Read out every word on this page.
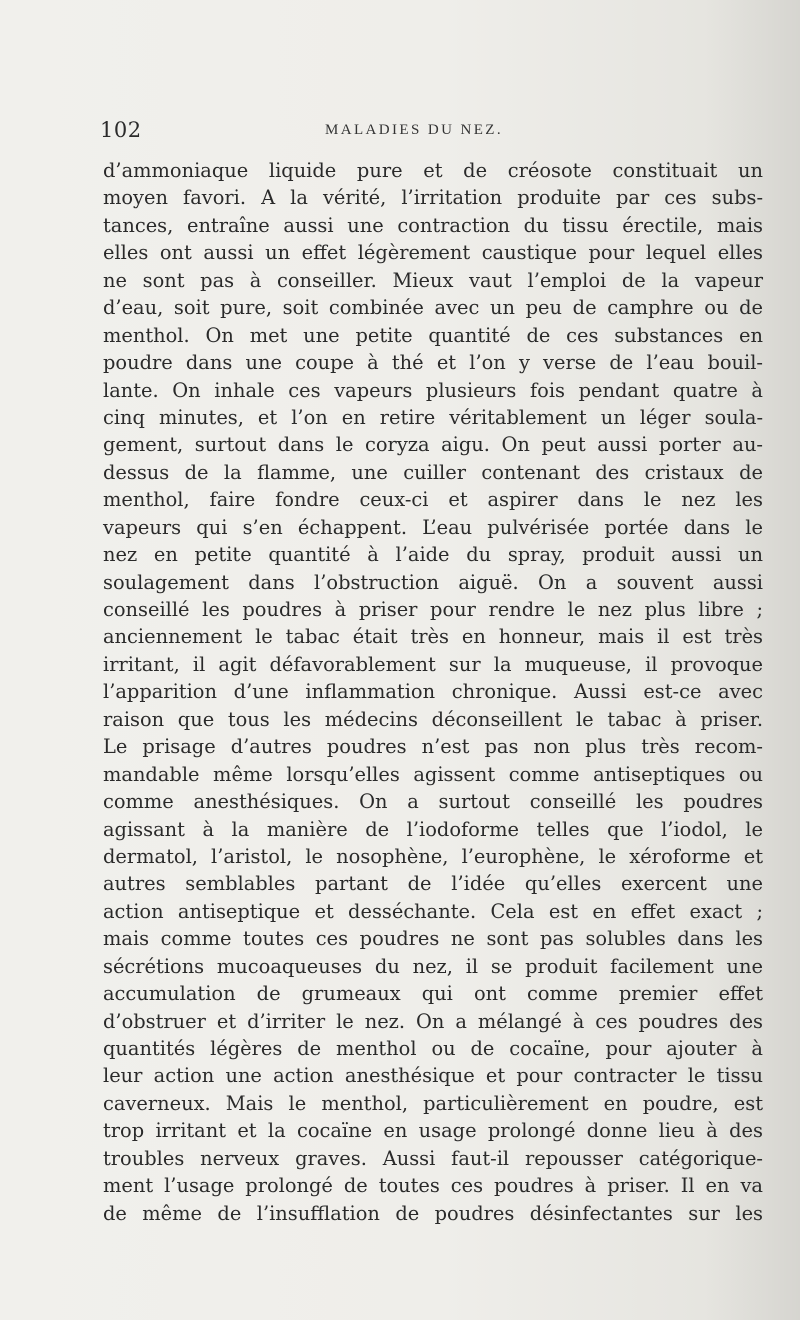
102	MALADIES DU NEZ.
d’ammoniaque liquide pure et de créosote constituait un
moyen favori. A la vérité, l’irritation produite par ces subs-
tances, entraîne aussi une contraction du tissu érectile, mais
elles ont aussi un effet légèrement caustique pour lequel elles
ne sont pas à conseiller. Mieux vaut l’emploi de la vapeur
d’eau, soit pure, soit combinée avec un peu de camphre ou de
menthol. On met une petite quantité de ces substances en
poudre dans une coupe à thé et l’on y verse de l’eau bouil-
lante. On inhale ces vapeurs plusieurs fois pendant quatre à
cinq minutes, et l’on en retire véritablement un léger soula-
gement, surtout dans le coryza aigu. On peut aussi porter au-
dessus de la flamme, une cuiller contenant des cristaux de
menthol, faire fondre ceux-ci et aspirer dans le nez les
vapeurs qui s’en échappent. L’eau pulvérisée portée dans le
nez en petite quantité à l’aide du spray, produit aussi un
soulagement dans l’obstruction aiguë. On a souvent aussi
conseillé les poudres à priser pour rendre le nez plus libre ;
anciennement le tabac était très en honneur, mais il est très
irritant, il agit défavorablement sur la muqueuse, il provoque
l’apparition d’une inflammation chronique. Aussi est-ce avec
raison que tous les médecins déconseillent le tabac à priser.
Le prisage d’autres poudres n’est pas non plus très recom-
mandable même lorsqu’elles agissent comme antiseptiques ou
comme anesthésiques. On a surtout conseillé les poudres
agissant à la manière de l’iodoforme telles que l’iodol, le
dermatol, l’aristol, le nosophène, l’europhène, le xéroforme et
autres semblables partant de l’idée qu’elles exercent une
action antiseptique et desséchante. Cela est en effet exact ;
mais comme toutes ces poudres ne sont pas solubles dans les
sécrétions mucoaqueuses du nez, il se produit facilement une
accumulation de grumeaux qui ont comme premier effet
d’obstruer et d’irriter le nez. On a mélangé à ces poudres des
quantités légères de menthol ou de cocaïne, pour ajouter à
leur action une action anesthésique et pour contracter le tissu
caverneux. Mais le menthol, particulièrement en poudre, est
trop irritant et la cocaïne en usage prolongé donne lieu à des
troubles nerveux graves. Aussi faut-il repousser catégorique-
ment l’usage prolongé de toutes ces poudres à priser. Il en va
de même de l’insufflation de poudres désinfectantes sur les
